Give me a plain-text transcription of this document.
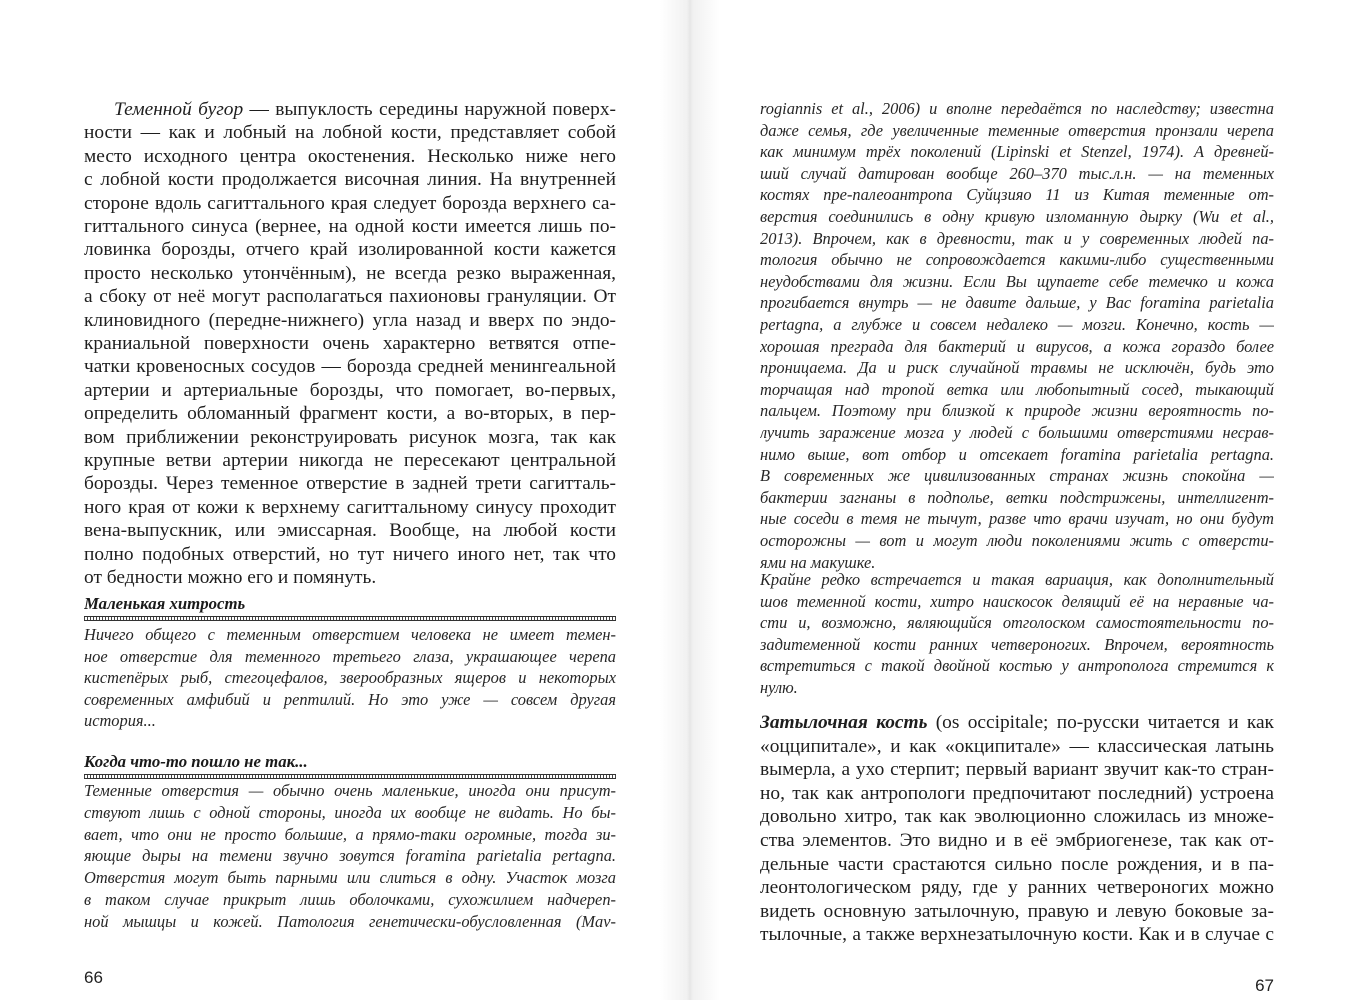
Теменной бугор — выпуклость середины наружной поверх-
ности — как и лобный на лобной кости, представляет собой
место исходного центра окостенения. Несколько ниже него
с лобной кости продолжается височная линия. На внутренней
стороне вдоль сагиттального края следует борозда верхнего са-
гиттального синуса (вернее, на одной кости имеется лишь по-
ловинка борозды, отчего край изолированной кости кажется
просто несколько утончённым), не всегда резко выраженная,
а сбоку от неё могут располагаться пахионовы грануляции. От
клиновидного (передне-нижнего) угла назад и вверх по эндо-
краниальной поверхности очень характерно ветвятся отпе-
чатки кровеносных сосудов — борозда средней менингеальной
артерии и артериальные борозды, что помогает, во-первых,
определить обломанный фрагмент кости, а во-вторых, в пер-
вом приближении реконструировать рисунок мозга, так как
крупные ветви артерии никогда не пересекают центральной
борозды. Через теменное отверстие в задней трети сагитталь-
ного края от кожи к верхнему сагиттальному синусу проходит
вена-выпускник, или эмиссарная. Вообще, на любой кости
полно подобных отверстий, но тут ничего иного нет, так что
от бедности можно его и помянуть.
Маленькая хитрость
Ничего общего с теменным отверстием человека не имеет темен-
ное отверстие для теменного третьего глаза, украшающее черепа
кистепёрых рыб, стегоцефалов, зверообразных ящеров и некоторых
современных амфибий и рептилий. Но это уже — совсем другая
история...
Когда что-то пошло не так...
Теменные отверстия — обычно очень маленькие, иногда они присут-
ствуют лишь с одной стороны, иногда их вообще не видать. Но бы-
вает, что они не просто большие, а прямо-таки огромные, тогда зи-
яющие дыры на темени звучно зовутся foramina parietalia pertagna.
Отверстия могут быть парными или слиться в одну. Участок мозга
в таком случае прикрыт лишь оболочками, сухожилием надчереп-
ной мышцы и кожей. Патология генетически-обусловленная (Mav-
66
rogiannis et al., 2006) и вполне передаётся по наследству; известна
даже семья, где увеличенные теменные отверстия пронзали черепа
как минимум трёх поколений (Lipinski et Stenzel, 1974). А древней-
ший случай датирован вообще 260–370 тыс.л.н. — на теменных
костях пре-палеоантропа Суйцзияо 11 из Китая теменные от-
верстия соединились в одну кривую изломанную дырку (Wu et al.,
2013). Впрочем, как в древности, так и у современных людей па-
тология обычно не сопровождается какими-либо существенными
неудобствами для жизни. Если Вы щупаете себе темечко и кожа
прогибается внутрь — не давите дальше, у Вас foramina parietalia
pertagna, а глубже и совсем недалеко — мозги. Конечно, кость —
хорошая преграда для бактерий и вирусов, а кожа гораздо более
проницаема. Да и риск случайной травмы не исключён, будь это
торчащая над тропой ветка или любопытный сосед, тыкающий
пальцем. Поэтому при близкой к природе жизни вероятность по-
лучить заражение мозга у людей с большими отверстиями несрав-
нимо выше, вот отбор и отсекает foramina parietalia pertagna.
В современных же цивилизованных странах жизнь спокойна —
бактерии загнаны в подполье, ветки подстрижены, интеллигент-
ные соседи в темя не тычут, разве что врачи изучат, но они будут
осторожны — вот и могут люди поколениями жить с отверсти-
ями на макушке.
Крайне редко встречается и такая вариация, как дополнительный
шов теменной кости, хитро наискосок делящий её на неравные ча-
сти и, возможно, являющийся отголоском самостоятельности по-
задитеменной кости ранних четвероногих. Впрочем, вероятность
встретиться с такой двойной костью у антрополога стремится к
нулю.
Затылочная кость (os occipitale; по-русски читается и как
«оцципитале», и как «окципитале» — классическая латынь
вымерла, а ухо стерпит; первый вариант звучит как-то стран-
но, так как антропологи предпочитают последний) устроена
довольно хитро, так как эволюционно сложилась из множе-
ства элементов. Это видно и в её эмбриогенезе, так как от-
дельные части срастаются сильно после рождения, и в па-
леонтологическом ряду, где у ранних четвероногих можно
видеть основную затылочную, правую и левую боковые за-
тылочные, а также верхнезатылочную кости. Как и в случае с
67
